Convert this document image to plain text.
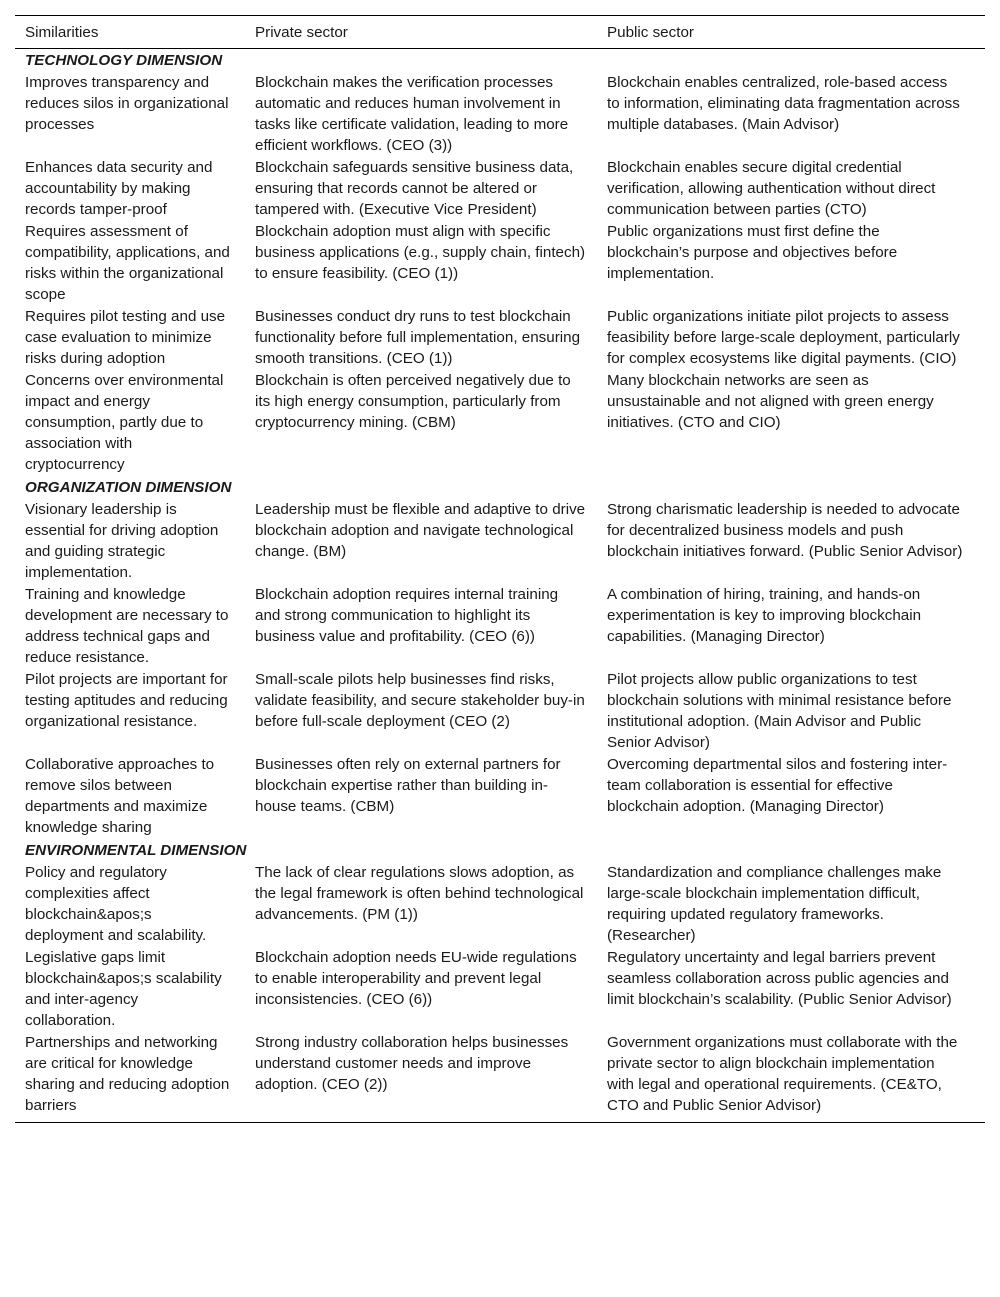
Similarities	Private sector	Public sector
TECHNOLOGY DIMENSION		
Improves transparency and reduces silos in organizational processes	Blockchain makes the verification processes automatic and reduces human involvement in tasks like certificate validation, leading to more efficient workflows. (CEO (3))	Blockchain enables centralized, role-based access to information, eliminating data fragmentation across multiple databases. (Main Advisor)
Enhances data security and accountability by making records tamper-proof	Blockchain safeguards sensitive business data, ensuring that records cannot be altered or tampered with. (Executive Vice President)	Blockchain enables secure digital credential verification, allowing authentication without direct communication between parties (CTO)
Requires assessment of compatibility, applications, and risks within the organizational scope	Blockchain adoption must align with specific business applications (e.g., supply chain, fintech) to ensure feasibility. (CEO (1))	Public organizations must first define the blockchain’s purpose and objectives before implementation.
Requires pilot testing and use case evaluation to minimize risks during adoption	Businesses conduct dry runs to test blockchain functionality before full implementation, ensuring smooth transitions. (CEO (1))	Public organizations initiate pilot projects to assess feasibility before large-scale deployment, particularly for complex ecosystems like digital payments. (CIO)
Concerns over environmental impact and energy consumption, partly due to association with cryptocurrency	Blockchain is often perceived negatively due to its high energy consumption, particularly from cryptocurrency mining. (CBM)	Many blockchain networks are seen as unsustainable and not aligned with green energy initiatives. (CTO and CIO)
ORGANIZATION DIMENSION		
Visionary leadership is essential for driving adoption and guiding strategic implementation.	Leadership must be flexible and adaptive to drive blockchain adoption and navigate technological change. (BM)	Strong charismatic leadership is needed to advocate for decentralized business models and push blockchain initiatives forward. (Public Senior Advisor)
Training and knowledge development are necessary to address technical gaps and reduce resistance.	Blockchain adoption requires internal training and strong communication to highlight its business value and profitability. (CEO (6))	A combination of hiring, training, and hands-on experimentation is key to improving blockchain capabilities. (Managing Director)
Pilot projects are important for testing aptitudes and reducing organizational resistance.	Small-scale pilots help businesses find risks, validate feasibility, and secure stakeholder buy-in before full-scale deployment (CEO (2)	Pilot projects allow public organizations to test blockchain solutions with minimal resistance before institutional adoption. (Main Advisor and Public Senior Advisor)
Collaborative approaches to remove silos between departments and maximize knowledge sharing	Businesses often rely on external partners for blockchain expertise rather than building in-house teams. (CBM)	Overcoming departmental silos and fostering inter-team collaboration is essential for effective blockchain adoption. (Managing Director)
ENVIRONMENTAL DIMENSION		
Policy and regulatory complexities affect blockchain&apos;s deployment and scalability.	The lack of clear regulations slows adoption, as the legal framework is often behind technological advancements. (PM (1))	Standardization and compliance challenges make large-scale blockchain implementation difficult, requiring updated regulatory frameworks. (Researcher)
Legislative gaps limit blockchain&apos;s scalability and inter-agency collaboration.	Blockchain adoption needs EU-wide regulations to enable interoperability and prevent legal inconsistencies. (CEO (6))	Regulatory uncertainty and legal barriers prevent seamless collaboration across public agencies and limit blockchain’s scalability. (Public Senior Advisor)
Partnerships and networking are critical for knowledge sharing and reducing adoption barriers	Strong industry collaboration helps businesses understand customer needs and improve adoption. (CEO (2))	Government organizations must collaborate with the private sector to align blockchain implementation with legal and operational requirements. (CE&TO, CTO and Public Senior Advisor)
